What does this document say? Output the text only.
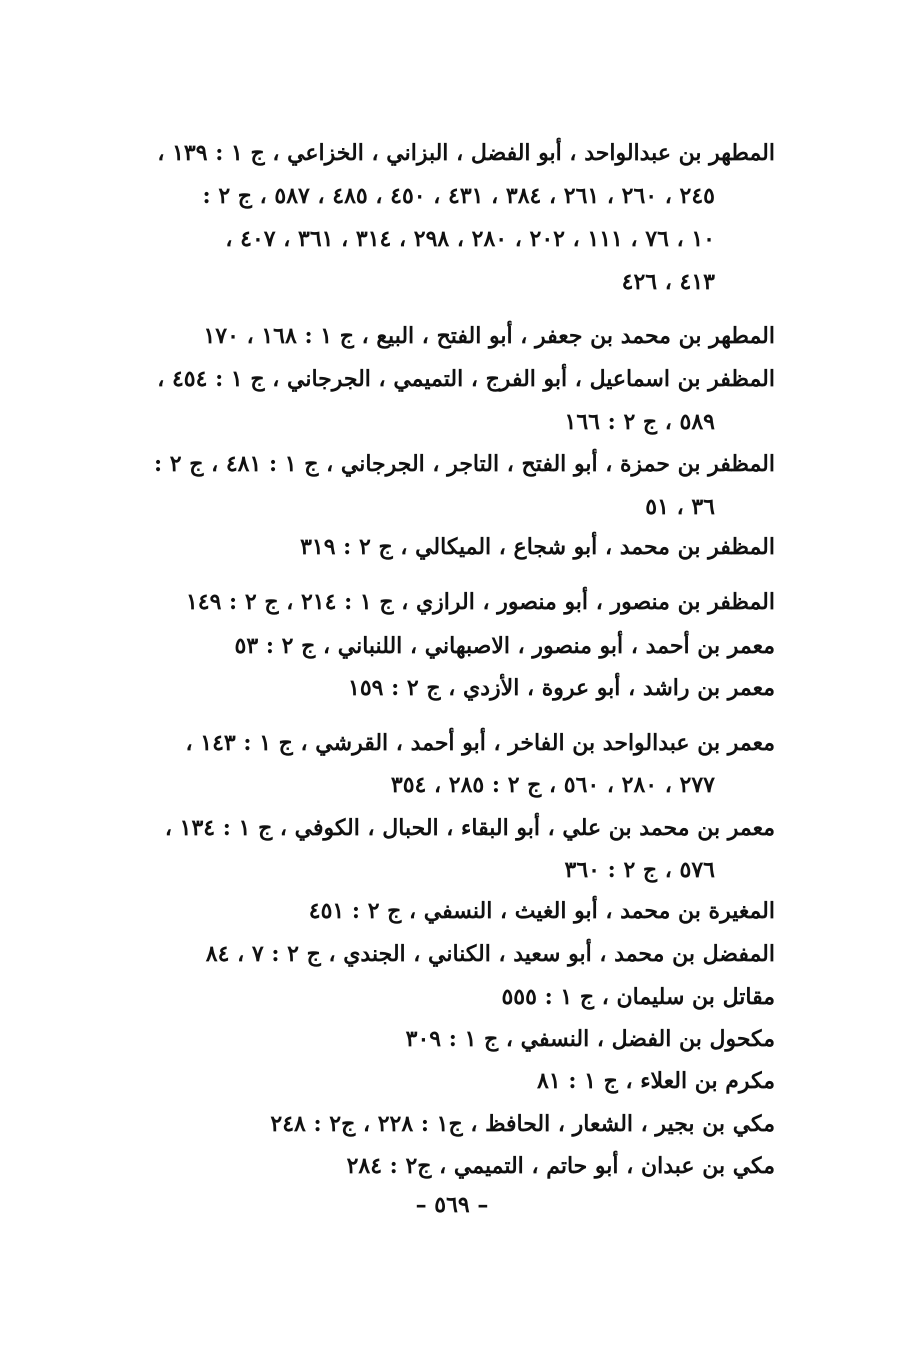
المطهر بن عبدالواحد ، أبو الفضل ، البزاني ، الخزاعي ، ج ١ : ١٣٩ ،
٢٤٥ ، ٢٦٠ ، ٢٦١ ، ٣٨٤ ، ٤٣١ ، ٤٥٠ ، ٤٨٥ ، ٥٨٧ ، ج ٢ :
١٠ ، ٧٦ ، ١١١ ، ٢٠٢ ، ٢٨٠ ، ٢٩٨ ، ٣١٤ ، ٣٦١ ، ٤٠٧ ،
٤١٣ ، ٤٢٦
المطهر بن محمد بن جعفر ، أبو الفتح ، البيع ، ج ١ : ١٦٨ ، ١٧٠
المظفر بن اسماعيل ، أبو الفرج ، التميمي ، الجرجاني ، ج ١ : ٤٥٤ ،
٥٨٩ ، ج ٢ : ١٦٦
المظفر بن حمزة ، أبو الفتح ، التاجر ، الجرجاني ، ج ١ : ٤٨١ ، ج ٢ :
٣٦ ، ٥١
المظفر بن محمد ، أبو شجاع ، الميكالي ، ج ٢ : ٣١٩
المظفر بن منصور ، أبو منصور ، الرازي ، ج ١ : ٢١٤ ، ج ٢ : ١٤٩
معمر بن أحمد ، أبو منصور ، الاصبهاني ، اللنباني ، ج ٢ : ٥٣
معمر بن راشد ، أبو عروة ، الأزدي ، ج ٢ : ١٥٩
معمر بن عبدالواحد بن الفاخر ، أبو أحمد ، القرشي ، ج ١ : ١٤٣ ،
٢٧٧ ، ٢٨٠ ، ٥٦٠ ، ج ٢ : ٢٨٥ ، ٣٥٤
معمر بن محمد بن علي ، أبو البقاء ، الحبال ، الكوفي ، ج ١ : ١٣٤ ،
٥٧٦ ، ج ٢ : ٣٦٠
المغيرة بن محمد ، أبو الغيث ، النسفي ، ج ٢ : ٤٥١
المفضل بن محمد ، أبو سعيد ، الكناني ، الجندي ، ج ٢ : ٧ ، ٨٤
مقاتل بن سليمان ، ج ١ : ٥٥٥
مكحول بن الفضل ، النسفي ، ج ١ : ٣٠٩
مكرم بن العلاء ، ج ١ : ٨١
مكي بن بجير ، الشعار ، الحافظ ، ج١ : ٢٢٨ ، ج٢ : ٢٤٨
مكي بن عبدان ، أبو حاتم ، التميمي ، ج٢ : ٢٨٤
– ٥٦٩ –
